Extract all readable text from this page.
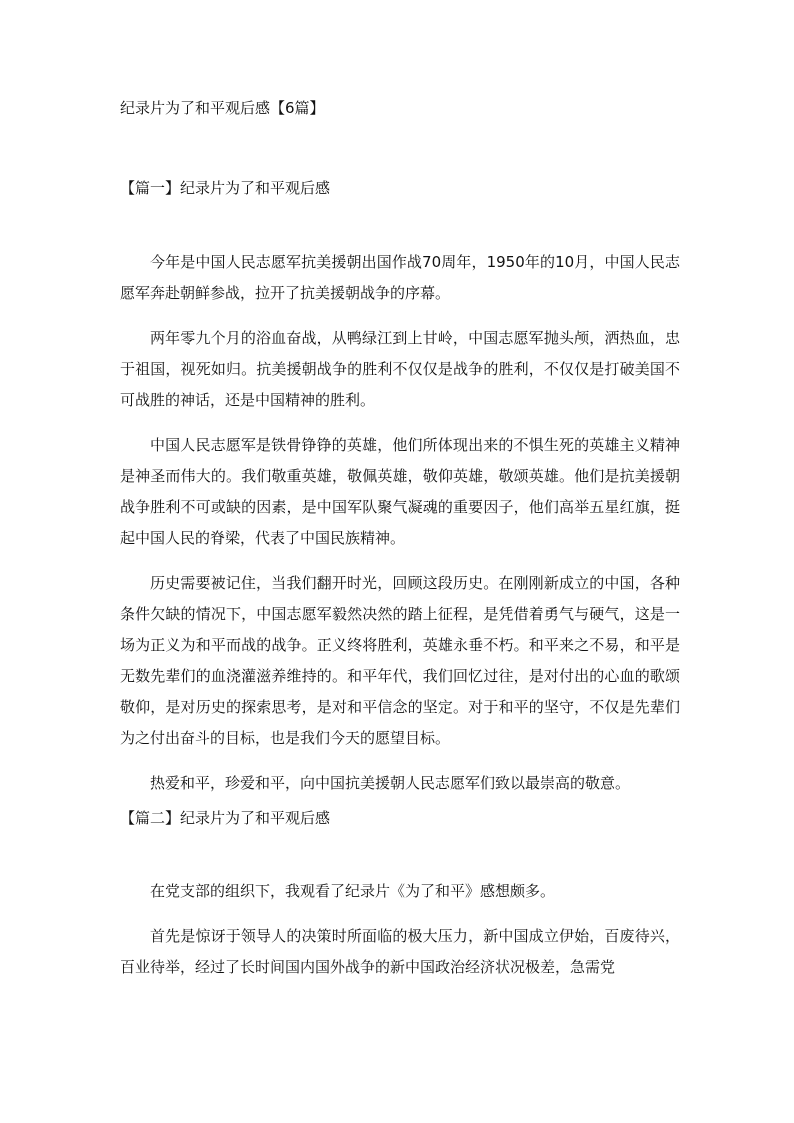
纪录片为了和平观后感【6篇】
【篇一】纪录片为了和平观后感

今年是中国人民志愿军抗美援朝出国作战70周年，1950年的10月，中国人民志愿军奔赴朝鲜参战，拉开了抗美援朝战争的序幕。

两年零九个月的浴血奋战，从鸭绿江到上甘岭，中国志愿军抛头颅，洒热血，忠于祖国，视死如归。抗美援朝战争的胜利不仅仅是战争的胜利，不仅仅是打破美国不可战胜的神话，还是中国精神的胜利。

中国人民志愿军是铁骨铮铮的英雄，他们所体现出来的不惧生死的英雄主义精神是神圣而伟大的。我们敬重英雄，敬佩英雄，敬仰英雄，敬颂英雄。他们是抗美援朝战争胜利不可或缺的因素，是中国军队聚气凝魂的重要因子，他们高举五星红旗，挺起中国人民的脊梁，代表了中国民族精神。

历史需要被记住，当我们翻开时光，回顾这段历史。在刚刚新成立的中国，各种条件欠缺的情况下，中国志愿军毅然决然的踏上征程，是凭借着勇气与硬气，这是一场为正义为和平而战的战争。正义终将胜利，英雄永垂不朽。和平来之不易，和平是无数先辈们的血浇灌滋养维持的。和平年代，我们回忆过往，是对付出的心血的歌颂敬仰，是对历史的探索思考，是对和平信念的坚定。对于和平的坚守，不仅是先辈们为之付出奋斗的目标，也是我们今天的愿望目标。

热爱和平，珍爱和平，向中国抗美援朝人民志愿军们致以最崇高的敬意。

【篇二】纪录片为了和平观后感

在党支部的组织下，我观看了纪录片《为了和平》感想颇多。

首先是惊讶于领导人的决策时所面临的极大压力，新中国成立伊始，百废待兴，百业待举，经过了长时间国内国外战争的新中国政治经济状况极差，急需党
